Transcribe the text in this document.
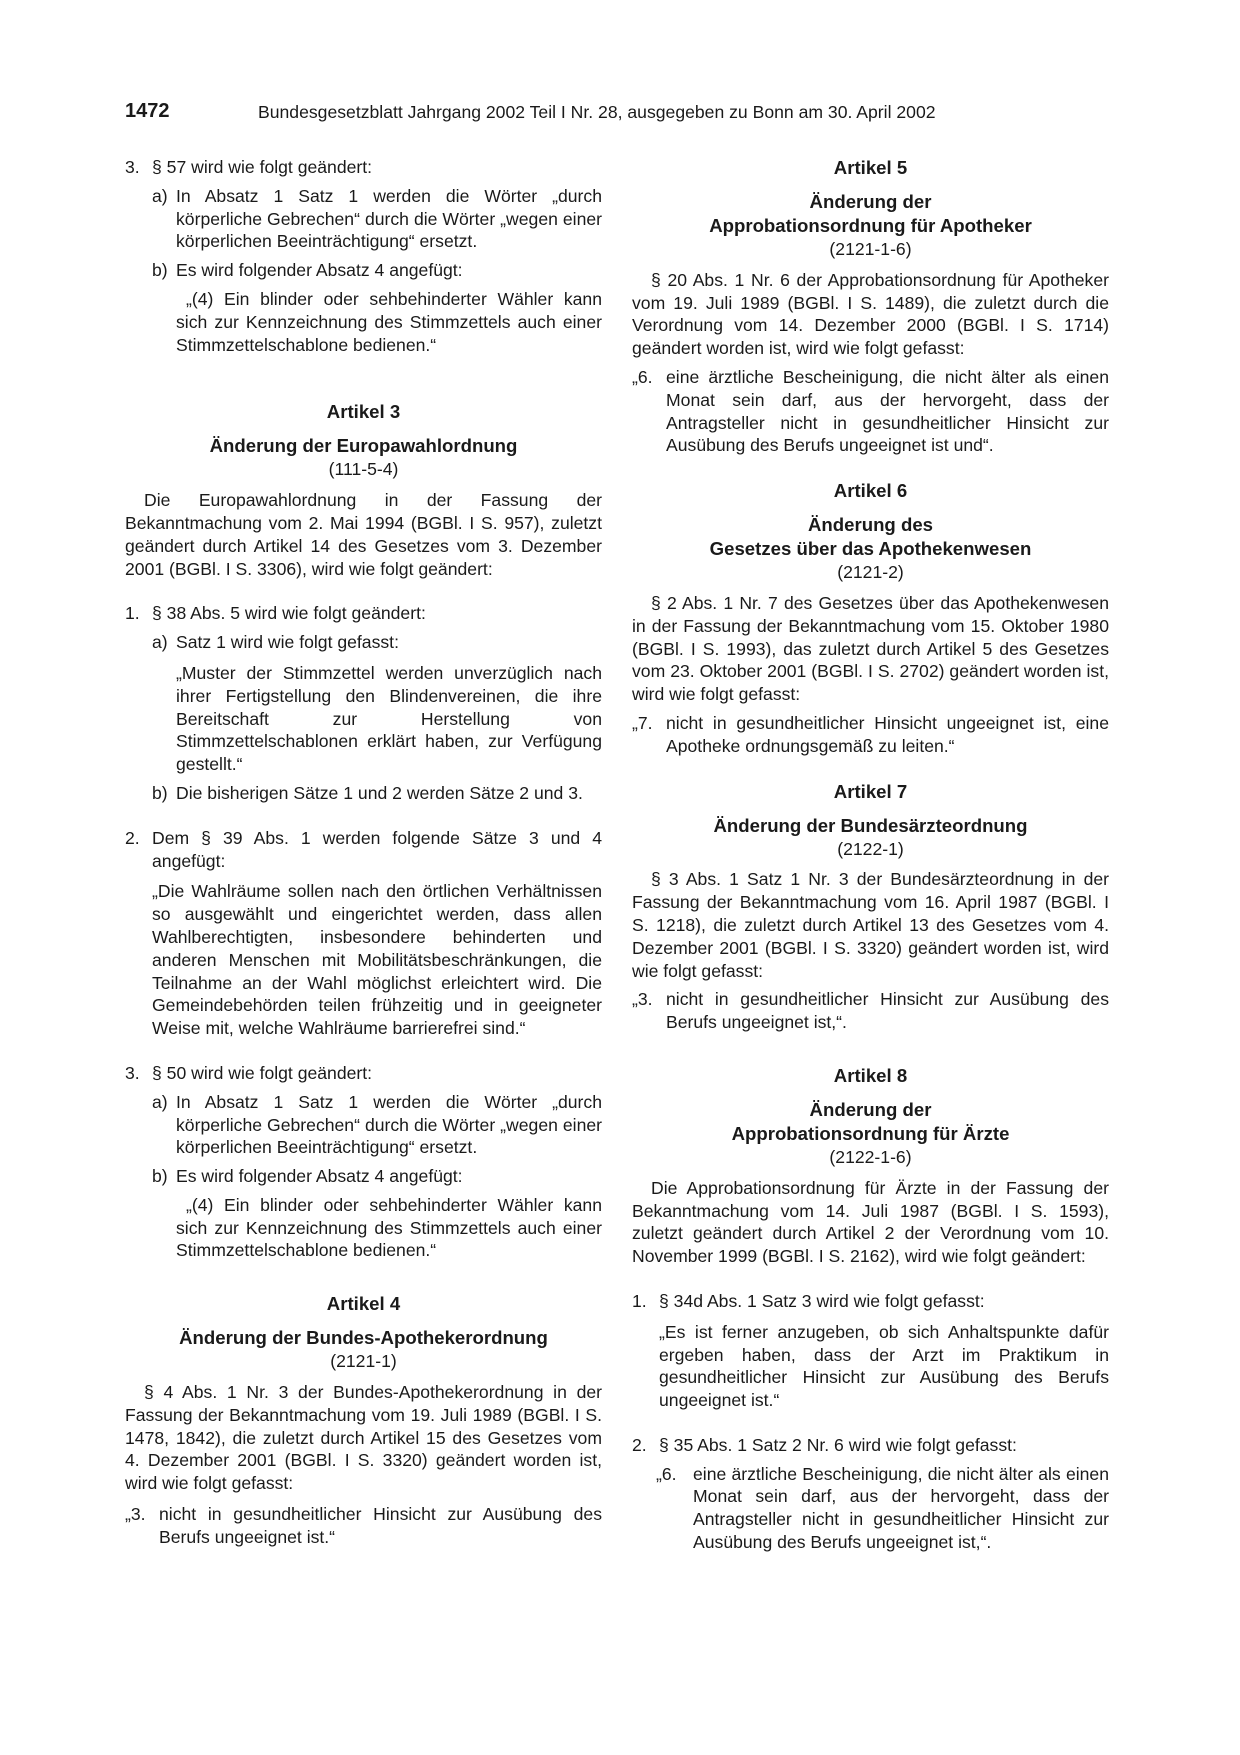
1472	Bundesgesetzblatt Jahrgang 2002 Teil I Nr. 28, ausgegeben zu Bonn am 30. April 2002
3. § 57 wird wie folgt geändert:

a) In Absatz 1 Satz 1 werden die Wörter „durch körperliche Gebrechen“ durch die Wörter „wegen einer körperlichen Beeinträchtigung“ ersetzt.

b) Es wird folgender Absatz 4 angefügt:

„(4) Ein blinder oder sehbehinderter Wähler kann sich zur Kennzeichnung des Stimmzettels auch einer Stimmzettelschablone bedienen.“

Artikel 3

Änderung der Europawahlordnung

(111-5-4)

Die Europawahlordnung in der Fassung der Bekanntmachung vom 2. Mai 1994 (BGBl. I S. 957), zuletzt geändert durch Artikel 14 des Gesetzes vom 3. Dezember 2001 (BGBl. I S. 3306), wird wie folgt geändert:

1. § 38 Abs. 5 wird wie folgt geändert:

a) Satz 1 wird wie folgt gefasst:

„Muster der Stimmzettel werden unverzüglich nach ihrer Fertigstellung den Blindenvereinen, die ihre Bereitschaft zur Herstellung von Stimmzettelschablonen erklärt haben, zur Verfügung gestellt.“

b) Die bisherigen Sätze 1 und 2 werden Sätze 2 und 3.

2. Dem § 39 Abs. 1 werden folgende Sätze 3 und 4 angefügt:

„Die Wahlräume sollen nach den örtlichen Verhältnissen so ausgewählt und eingerichtet werden, dass allen Wahlberechtigten, insbesondere behinderten und anderen Menschen mit Mobilitätsbeschränkungen, die Teilnahme an der Wahl möglichst erleichtert wird. Die Gemeindebehörden teilen frühzeitig und in geeigneter Weise mit, welche Wahlräume barrierefrei sind.“

3. § 50 wird wie folgt geändert:

a) In Absatz 1 Satz 1 werden die Wörter „durch körperliche Gebrechen“ durch die Wörter „wegen einer körperlichen Beeinträchtigung“ ersetzt.

b) Es wird folgender Absatz 4 angefügt:

„(4) Ein blinder oder sehbehinderter Wähler kann sich zur Kennzeichnung des Stimmzettels auch einer Stimmzettelschablone bedienen.“

Artikel 4

Änderung der Bundes-Apothekerordnung

(2121-1)

§ 4 Abs. 1 Nr. 3 der Bundes-Apothekerordnung in der Fassung der Bekanntmachung vom 19. Juli 1989 (BGBl. I S. 1478, 1842), die zuletzt durch Artikel 15 des Gesetzes vom 4. Dezember 2001 (BGBl. I S. 3320) geändert worden ist, wird wie folgt gefasst:

„3. nicht in gesundheitlicher Hinsicht zur Ausübung des Berufs ungeeignet ist.“

Artikel 5

Änderung der

Approbationsordnung für Apotheker

(2121-1-6)

§ 20 Abs. 1 Nr. 6 der Approbationsordnung für Apotheker vom 19. Juli 1989 (BGBl. I S. 1489), die zuletzt durch die Verordnung vom 14. Dezember 2000 (BGBl. I S. 1714) geändert worden ist, wird wie folgt gefasst:

„6. eine ärztliche Bescheinigung, die nicht älter als einen Monat sein darf, aus der hervorgeht, dass der Antragsteller nicht in gesundheitlicher Hinsicht zur Ausübung des Berufs ungeeignet ist und“.

Artikel 6

Änderung des

Gesetzes über das Apothekenwesen

(2121-2)

§ 2 Abs. 1 Nr. 7 des Gesetzes über das Apothekenwesen in der Fassung der Bekanntmachung vom 15. Oktober 1980 (BGBl. I S. 1993), das zuletzt durch Artikel 5 des Gesetzes vom 23. Oktober 2001 (BGBl. I S. 2702) geändert worden ist, wird wie folgt gefasst:

„7. nicht in gesundheitlicher Hinsicht ungeeignet ist, eine Apotheke ordnungsgemäß zu leiten.“

Artikel 7

Änderung der Bundesärzteordnung

(2122-1)

§ 3 Abs. 1 Satz 1 Nr. 3 der Bundesärzteordnung in der Fassung der Bekanntmachung vom 16. April 1987 (BGBl. I S. 1218), die zuletzt durch Artikel 13 des Gesetzes vom 4. Dezember 2001 (BGBl. I S. 3320) geändert worden ist, wird wie folgt gefasst:

„3. nicht in gesundheitlicher Hinsicht zur Ausübung des Berufs ungeeignet ist,“.

Artikel 8

Änderung der

Approbationsordnung für Ärzte

(2122-1-6)

Die Approbationsordnung für Ärzte in der Fassung der Bekanntmachung vom 14. Juli 1987 (BGBl. I S. 1593), zuletzt geändert durch Artikel 2 der Verordnung vom 10. November 1999 (BGBl. I S. 2162), wird wie folgt geändert:

1. § 34d Abs. 1 Satz 3 wird wie folgt gefasst:

„Es ist ferner anzugeben, ob sich Anhaltspunkte dafür ergeben haben, dass der Arzt im Praktikum in gesundheitlicher Hinsicht zur Ausübung des Berufs ungeeignet ist.“

2. § 35 Abs. 1 Satz 2 Nr. 6 wird wie folgt gefasst:

„6. eine ärztliche Bescheinigung, die nicht älter als einen Monat sein darf, aus der hervorgeht, dass der Antragsteller nicht in gesundheitlicher Hinsicht zur Ausübung des Berufs ungeeignet ist,“.
